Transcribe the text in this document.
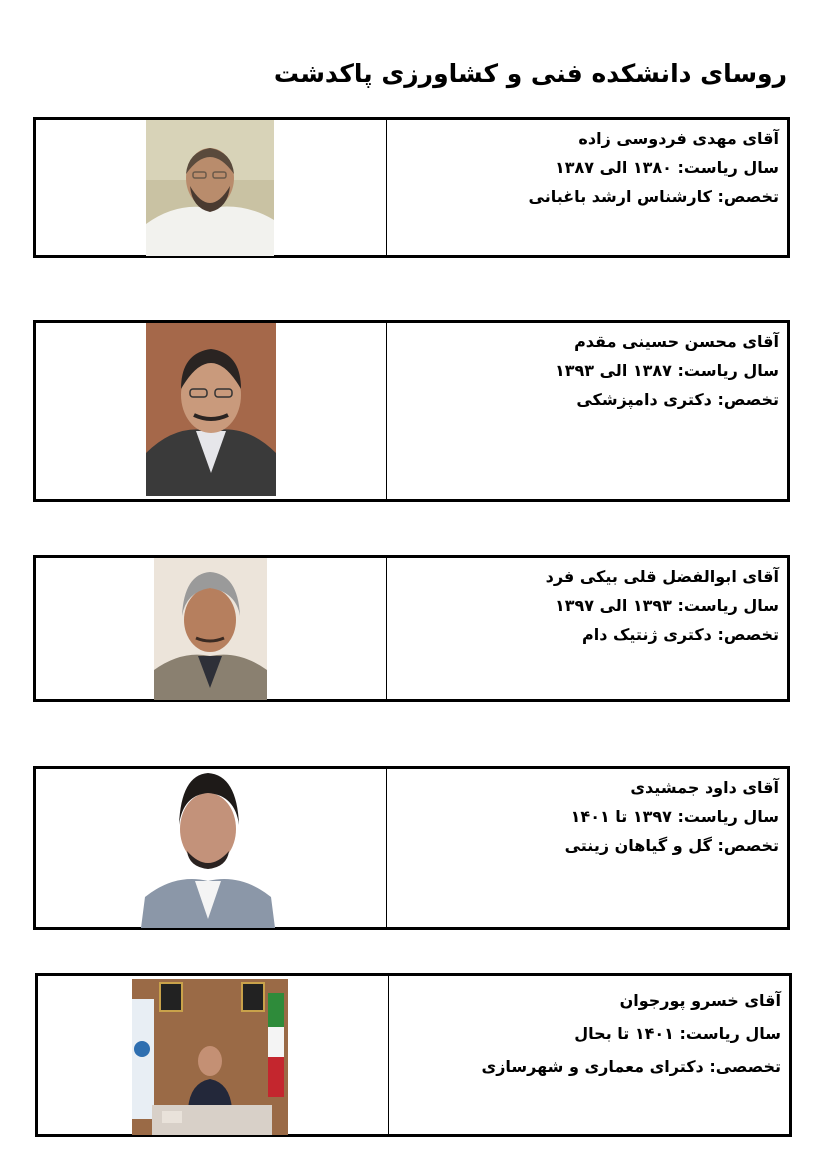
روسای دانشکده فنی و کشاورزی پاکدشت

آقای مهدی فردوسی زاده

سال ریاست: ۱۳۸۰ الی ۱۳۸۷

تخصص: کارشناس ارشد باغبانی

آقای محسن حسینی مقدم

سال ریاست: ۱۳۸۷ الی ۱۳۹۳

تخصص: دکتری دامپزشکی

آقای ابوالفضل قلی بیکی فرد

سال ریاست: ۱۳۹۳ الی ۱۳۹۷

تخصص: دکتری ژنتیک دام

آقای داود جمشیدی

سال ریاست: ۱۳۹۷ تا ۱۴۰۱

تخصص: گل و گیاهان زینتی

آقای خسرو پورجوان

سال ریاست: ۱۴۰۱ تا بحال

تخصصی: دکترای معماری و شهرسازی
